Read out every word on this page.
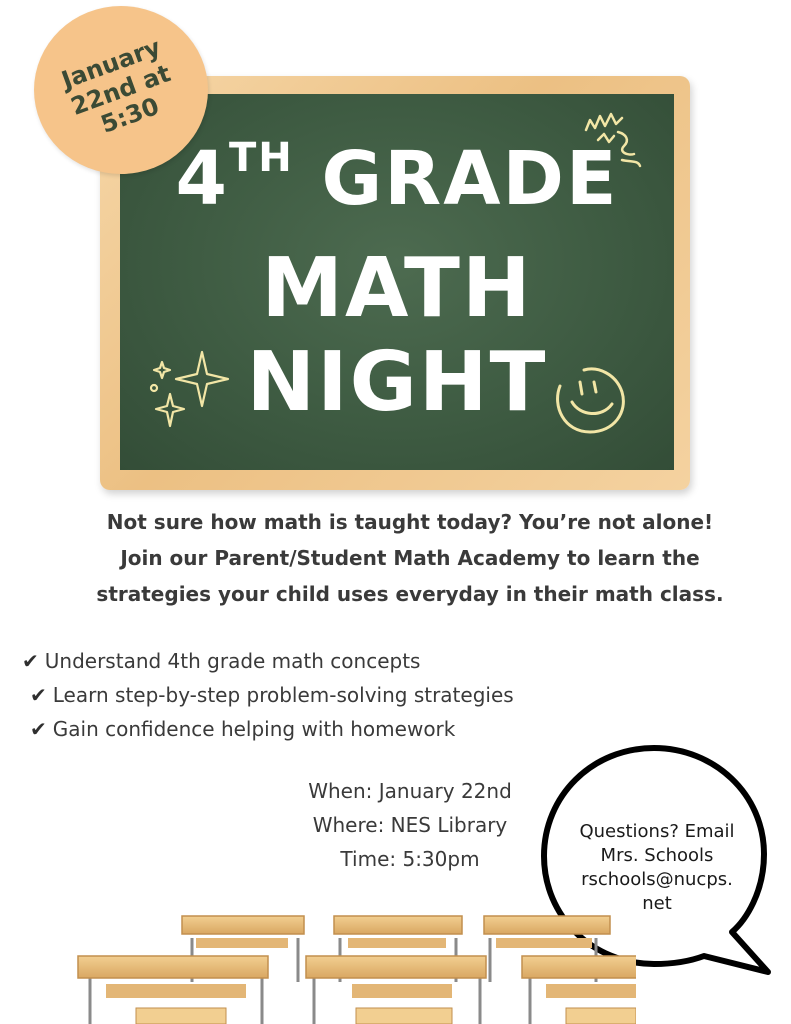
4TH GRADE
MATH
NIGHT
January
22nd at
5:30
Not sure how math is taught today? You’re not alone!
Join our Parent/Student Math Academy to learn the
strategies your child uses everyday in their math class.
✔ Understand 4th grade math concepts
✔ Learn step-by-step problem-solving strategies
✔ Gain confidence helping with homework
When: January 22nd
Where: NES Library
Time: 5:30pm
Questions? Email
Mrs. Schools
rschools@nucps.
net
